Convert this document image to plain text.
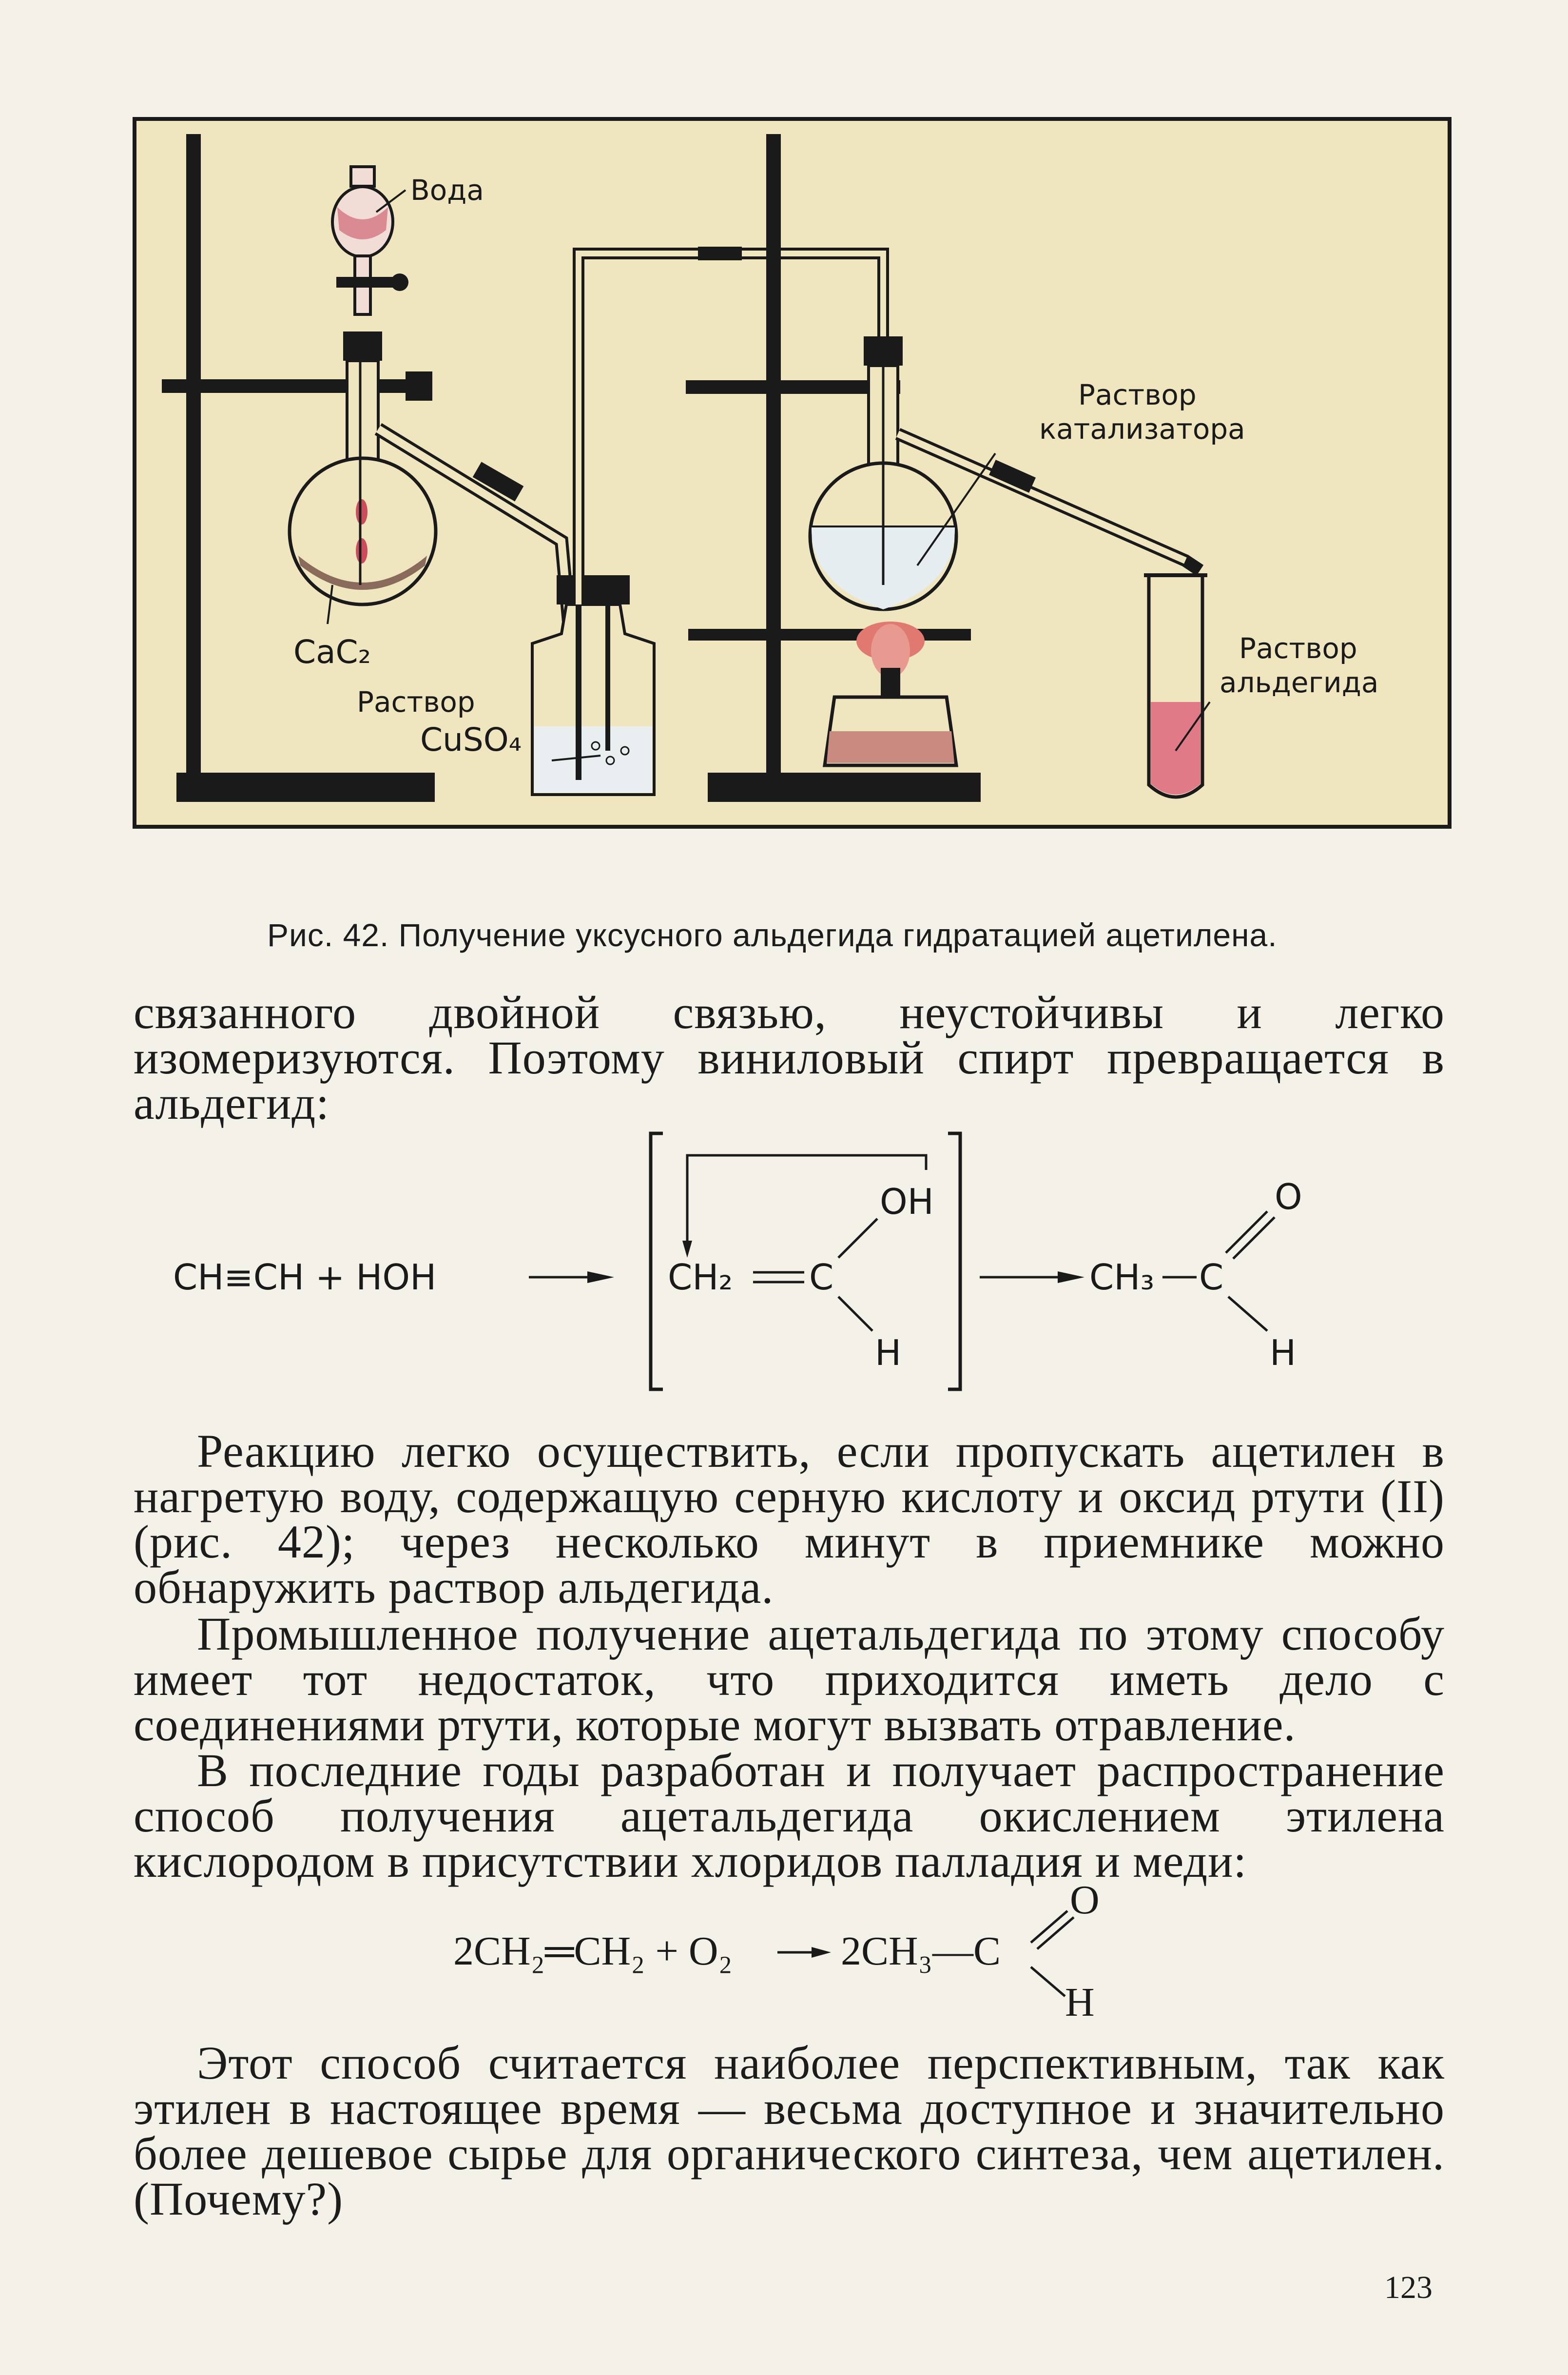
Вода
Раствор
катализатора
Раствор
альдегида
CaC₂
Раствор
CuSO₄
Рис. 42. Получение уксусного альдегида гидратацией ацетилена.
связанного двойной связью, неустойчивы и легко изомеризуются. Поэтому виниловый спирт превращается в альдегид:
CH≡CH + HOH	CH₂ C
OH
H
CH₃ C
O
H
Реакцию легко осуществить, если пропускать ацетилен в нагретую воду, содержащую серную кислоту и оксид ртути (II) (рис. 42); через несколько минут в приемнике можно обнаружить раствор альдегида.
Промышленное получение ацетальдегида по этому способу имеет тот недостаток, что приходится иметь дело с соединениями ртути, которые могут вызвать отравление.
В последние годы разработан и получает распространение способ получения ацетальдегида окислением этилена кислородом в присутствии хлоридов палладия и меди:
2CH₂═CH₂ + O₂	2CH₃—C
O
H
Этот способ считается наиболее перспективным, так как этилен в настоящее время — весьма доступное и значительно более дешевое сырье для органического синтеза, чем ацетилен. (Почему?)
123
